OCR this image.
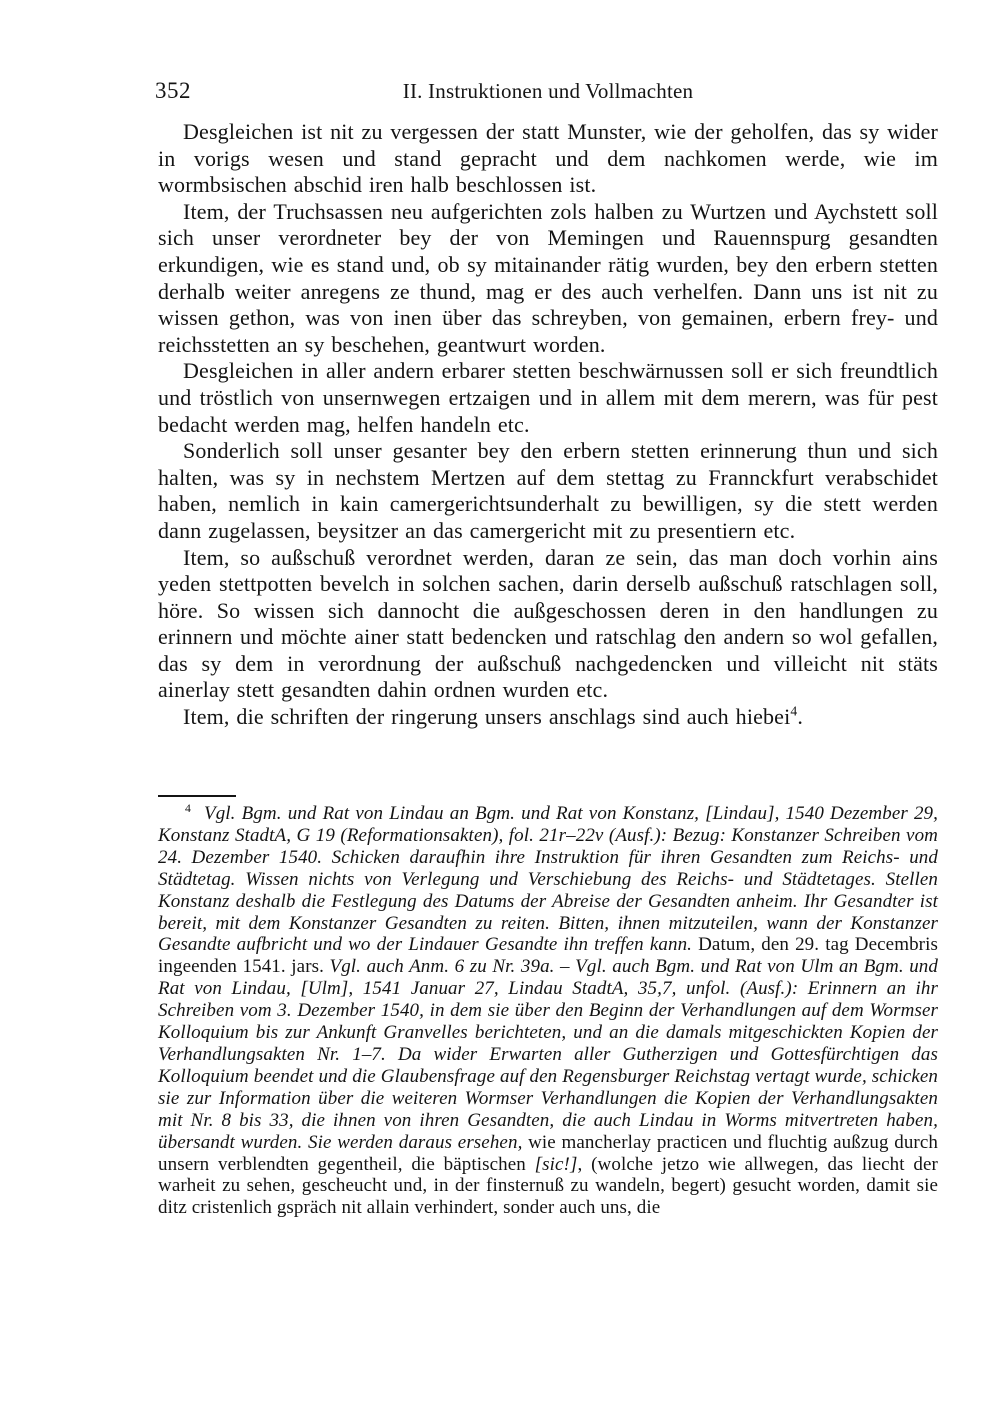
352	II. Instruktionen und Vollmachten

Desgleichen ist nit zu vergessen der statt Munster, wie der geholfen, das sy wider in vorigs wesen und stand gepracht und dem nachkomen werde, wie im wormbsischen abschid iren halb beschlossen ist.

Item, der Truchsassen neu aufgerichten zols halben zu Wurtzen und Aychstett soll sich unser verordneter bey der von Memingen und Rauennspurg gesandten erkundigen, wie es stand und, ob sy mitainander rätig wurden, bey den erbern stetten derhalb weiter anregens ze thund, mag er des auch verhelfen. Dann uns ist nit zu wissen gethon, was von inen über das schreyben, von gemainen, erbern frey- und reichsstetten an sy beschehen, geantwurt worden.

Desgleichen in aller andern erbarer stetten beschwärnussen soll er sich freundtlich und tröstlich von unsernwegen ertzaigen und in allem mit dem merern, was für pest bedacht werden mag, helfen handeln etc.

Sonderlich soll unser gesanter bey den erbern stetten erinnerung thun und sich halten, was sy in nechstem Mertzen auf dem stettag zu Frannckfurt verabschidet haben, nemlich in kain camergerichtsunderhalt zu bewilligen, sy die stett werden dann zugelassen, beysitzer an das camergericht mit zu presentiern etc.

Item, so außschuß verordnet werden, daran ze sein, das man doch vorhin ains yeden stettpotten bevelch in solchen sachen, darin derselb außschuß ratschlagen soll, höre. So wissen sich dannocht die außgeschossen deren in den handlungen zu erinnern und möchte ainer statt bedencken und ratschlag den andern so wol gefallen, das sy dem in verordnung der außschuß nachgedencken und villeicht nit stäts ainerlay stett gesandten dahin ordnen wurden etc.

Item, die schriften der ringerung unsers anschlags sind auch hiebei$^4$.

$^4$ Vgl. Bgm. und Rat von Lindau an Bgm. und Rat von Konstanz, [Lindau], 1540 Dezember 29, Konstanz StadtA, G 19 (Reformationsakten), fol. 21r–22v (Ausf.): Bezug: Konstanzer Schreiben vom 24. Dezember 1540. Schicken daraufhin ihre Instruktion für ihren Gesandten zum Reichs- und Städtetag. Wissen nichts von Verlegung und Verschiebung des Reichs- und Städtetages. Stellen Konstanz deshalb die Festlegung des Datums der Abreise der Gesandten anheim. Ihr Gesandter ist bereit, mit dem Konstanzer Gesandten zu reiten. Bitten, ihnen mitzuteilen, wann der Konstanzer Gesandte aufbricht und wo der Lindauer Gesandte ihn treffen kann. Datum, den 29. tag Decembris ingeenden 1541. jars. Vgl. auch Anm. 6 zu Nr. 39a. – Vgl. auch Bgm. und Rat von Ulm an Bgm. und Rat von Lindau, [Ulm], 1541 Januar 27, Lindau StadtA, 35,7, unfol. (Ausf.): Erinnern an ihr Schreiben vom 3. Dezember 1540, in dem sie über den Beginn der Verhandlungen auf dem Wormser Kolloquium bis zur Ankunft Granvelles berichteten, und an die damals mitgeschickten Kopien der Verhandlungsakten Nr. 1–7. Da wider Erwarten aller Gutherzigen und Gottesfürchtigen das Kolloquium beendet und die Glaubensfrage auf den Regensburger Reichstag vertagt wurde, schicken sie zur Information über die weiteren Wormser Verhandlungen die Kopien der Verhandlungsakten mit Nr. 8 bis 33, die ihnen von ihren Gesandten, die auch Lindau in Worms mitvertreten haben, übersandt wurden. Sie werden daraus ersehen, wie mancherlay practicen und fluchtig außzug durch unsern verblendten gegentheil, die bäptischen [sic!], (wolche jetzo wie allwegen, das liecht der warheit zu sehen, gescheucht und, in der finsternuß zu wandeln, begert) gesucht worden, damit sie ditz cristenlich gspräch nit allain verhindert, sonder auch uns, die
